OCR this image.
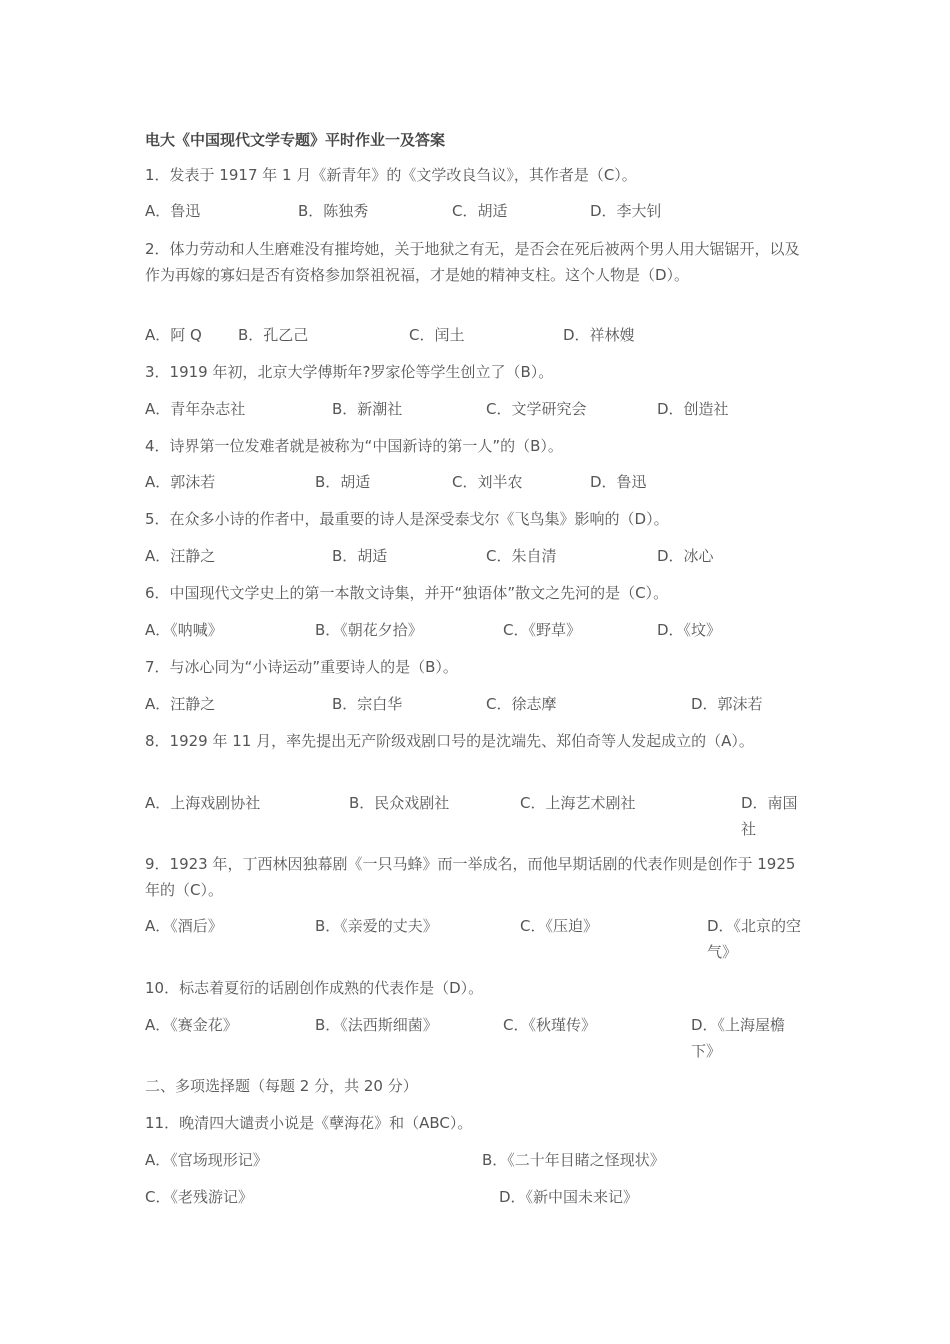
电大《中国现代文学专题》平时作业一及答案
1．发表于 1917 年 1 月《新青年》的《文学改良刍议》，其作者是（C）。
A．鲁迅	B．陈独秀	C．胡适	D．李大钊
2．体力劳动和人生磨难没有摧垮她，关于地狱之有无，是否会在死后被两个男人用大锯锯开，以及作为再嫁的寡妇是否有资格参加祭祖祝福，才是她的精神支柱。这个人物是（D）。
A．阿 Q B．孔乙己	C．闰土	D．祥林嫂
3．1919 年初，北京大学傅斯年?罗家伦等学生创立了（B）。
A．青年杂志社	B．新潮社	C．文学研究会	D．创造社
4．诗界第一位发难者就是被称为“中国新诗的第一人”的（B）。
A．郭沫若	B．胡适	C．刘半农	D．鲁迅
5．在众多小诗的作者中，最重要的诗人是深受泰戈尔《飞鸟集》影响的（D）。
A．汪静之	B．胡适	C．朱自清	D．冰心
6．中国现代文学史上的第一本散文诗集，并开“独语体”散文之先河的是（C）。
A．《呐喊》	B．《朝花夕拾》	C．《野草》	D．《坟》
7．与冰心同为“小诗运动”重要诗人的是（B）。
A．汪静之	B．宗白华	C．徐志摩	D．郭沫若
8．1929 年 11 月，率先提出无产阶级戏剧口号的是沈端先、郑伯奇等人发起成立的（A）。
A．上海戏剧协社	B．民众戏剧社	C．上海艺术剧社	D．南国社
9．1923 年，丁西林因独幕剧《一只马蜂》而一举成名，而他早期话剧的代表作则是创作于 1925 年的（C）。
A．《酒后》	B．《亲爱的丈夫》	C．《压迫》	D．《北京的空气》
10．标志着夏衍的话剧创作成熟的代表作是（D）。
A．《赛金花》	B．《法西斯细菌》	C．《秋瑾传》	D．《上海屋檐下》
二、多项选择题（每题 2 分，共 20 分）
11．晚清四大谴责小说是《孽海花》和（ABC）。
A．《官场现形记》	B．《二十年目睹之怪现状》
C．《老残游记》	D．《新中国未来记》
